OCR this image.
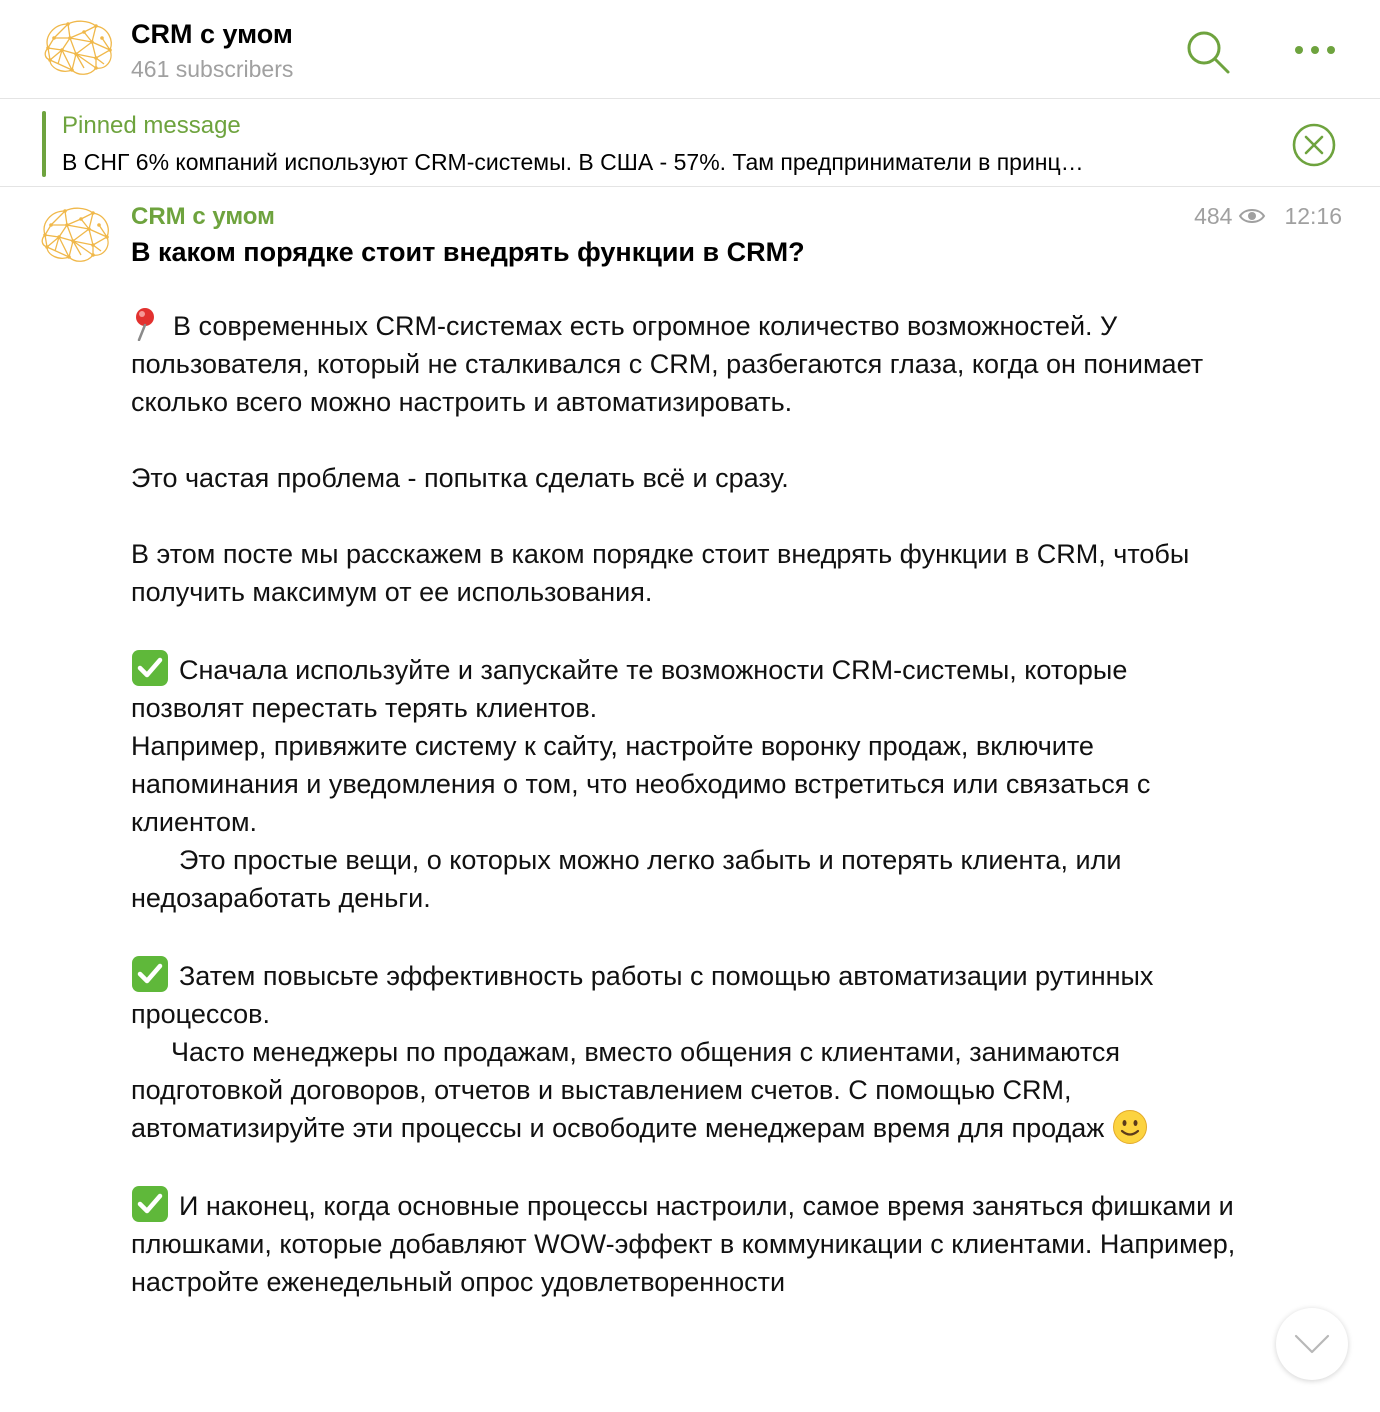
CRM с умом
461 subscribers
Pinned message
В СНГ 6% компаний используют CRM-системы. В США - 57%. Там предприниматели в принц…
CRM с умом	484 12:16
В каком порядке стоит внедрять функции в CRM?

В современных CRM-системах есть огромное количество возможностей. У пользователя, который не сталкивался с CRM, разбегаются глаза, когда он понимает сколько всего можно настроить и автоматизировать.

Это частая проблема - попытка сделать всё и сразу.

В этом посте мы расскажем в каком порядке стоит внедрять функции в CRM, чтобы получить максимум от ее использования.

Сначала используйте и запускайте те возможности CRM-системы, которые позволят перестать терять клиентов.

Например, привяжите систему к сайту, настройте воронку продаж, включите напоминания и уведомления о том, что необходимо встретиться или связаться с клиентом.

Это простые вещи, о которых можно легко забыть и потерять клиента, или недозаработать деньги.

Затем повысьте эффективность работы с помощью автоматизации рутинных процессов.

Часто менеджеры по продажам, вместо общения с клиентами, занимаются подготовкой договоров, отчетов и выставлением счетов. С помощью CRM, автоматизируйте эти процессы и освободите менеджерам время для продаж

И наконец, когда основные процессы настроили, самое время заняться фишками и плюшками, которые добавляют WOW-эффект в коммуникации с клиентами. Например, настройте еженедельный опрос удовлетворенности
